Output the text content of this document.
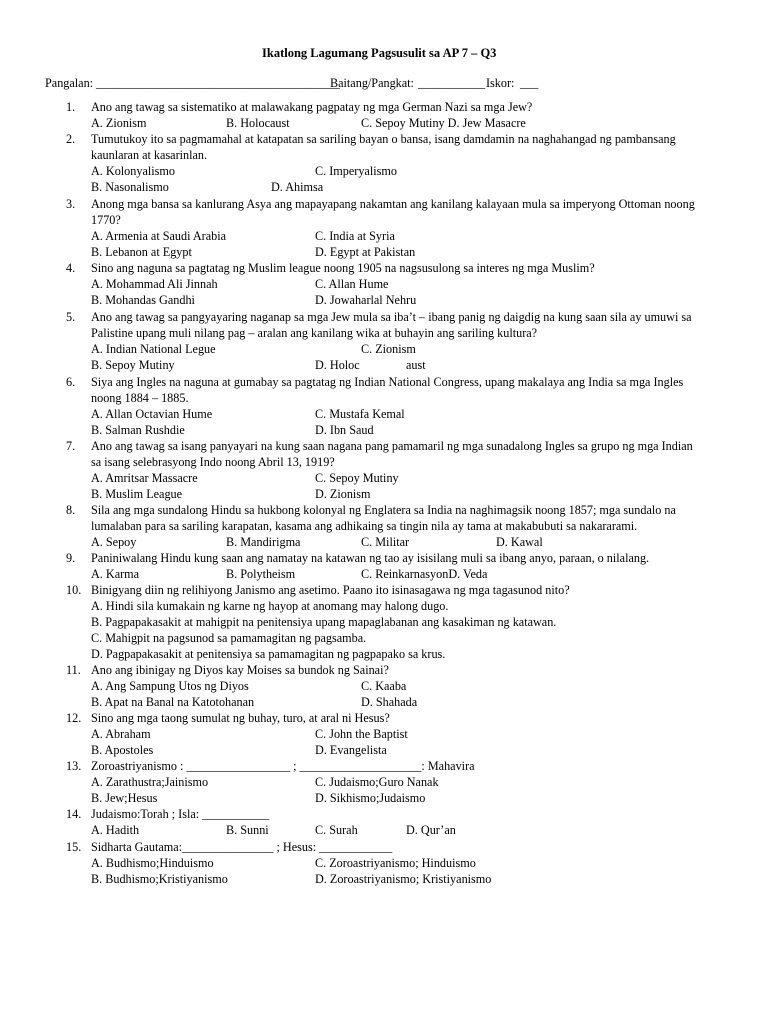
Ikatlong Lagumang Pagsusulit sa AP 7 – Q3
Pangalan: ________________________________________
Baitang/Pangkat: ___________ Iskor: ___
1. Ano ang tawag sa sistematiko at malawakang pagpatay ng mga German Nazi sa mga Jew?
A. Zionism	B. Holocaust	C. Sepoy Mutiny D. Jew Masacre
2. Tumutukoy ito sa pagmamahal at katapatan sa sariling bayan o bansa, isang damdamin na naghahangad ng pambansang
kaunlaran at kasarinlan.
A. Kolonyalismo	C. Imperyalismo
B. Nasonalismo	D. Ahimsa
3. Anong mga bansa sa kanlurang Asya ang mapayapang nakamtan ang kanilang kalayaan mula sa imperyong Ottoman noong
1770?
A. Armenia at Saudi Arabia	C. India at Syria
B. Lebanon at Egypt	D. Egypt at Pakistan
4. Sino ang naguna sa pagtatag ng Muslim league noong 1905 na nagsusulong sa interes ng mga Muslim?
A. Mohammad Ali Jinnah	C. Allan Hume
B. Mohandas Gandhi	D. Jowaharlal Nehru
5. Ano ang tawag sa pangyayaring naganap sa mga Jew mula sa iba’t – ibang panig ng daigdig na kung saan sila ay umuwi sa
Palistine upang muli nilang pag – aralan ang kanilang wika at buhayin ang sariling kultura?
A. Indian National Legue	C. Zionism
B. Sepoy Mutiny	D. Holoc	aust
6. Siya ang Ingles na naguna at gumabay sa pagtatag ng Indian National Congress, upang makalaya ang India sa mga Ingles
noong 1884 – 1885.
A. Allan Octavian Hume	C. Mustafa Kemal
B. Salman Rushdie	D. Ibn Saud
7. Ano ang tawag sa isang panyayari na kung saan nagana pang pamamaril ng mga sunadalong Ingles sa grupo ng mga Indian
sa isang selebrasyong Indo noong Abril 13, 1919?
A. Amritsar Massacre	C. Sepoy Mutiny
B. Muslim League	D. Zionism
8. Sila ang mga sundalong Hindu sa hukbong kolonyal ng Englatera sa India na naghimagsik noong 1857; mga sundalo na
lumalaban para sa sariling karapatan, kasama ang adhikaing sa tingin nila ay tama at makabubuti sa nakararami.
A. Sepoy	B. Mandirigma	C. Militar	D. Kawal
9. Paniniwalang Hindu kung saan ang namatay na katawan ng tao ay isisilang muli sa ibang anyo, paraan, o nilalang.
A. Karma	B. Polytheism	C. ReinkarnasyonD. Veda
10. Binigyang diin ng relihiyong Janismo ang asetimo. Paano ito isinasagawa ng mga tagasunod nito?
A. Hindi sila kumakain ng karne ng hayop at anomang may halong dugo.
B. Pagpapakasakit at mahigpit na penitensiya upang mapaglabanan ang kasakiman ng katawan.
C. Mahigpit na pagsunod sa pamamagitan ng pagsamba.
D. Pagpapakasakit at penitensiya sa pamamagitan ng pagpapako sa krus.
11. Ano ang ibinigay ng Diyos kay Moises sa bundok ng Sainai?
A. Ang Sampung Utos ng Diyos	C. Kaaba
B. Apat na Banal na Katotohanan	D. Shahada
12. Sino ang mga taong sumulat ng buhay, turo, at aral ni Hesus?
A. Abraham	C. John the Baptist
B. Apostoles	D. Evangelista
13. Zoroastriyanismo : _________________ ; ____________________: Mahavira
A. Zarathustra;Jainismo	C. Judaismo;Guro Nanak
B. Jew;Hesus	D. Sikhismo;Judaismo
14. Judaismo:Torah ; Isla: ___________
A. Hadith	B. Sunni	C. Surah	D. Qur’an
15. Sidharta Gautama:_______________ ; Hesus: ____________
A. Budhismo;Hinduismo	C. Zoroastriyanismo; Hinduismo
B. Budhismo;Kristiyanismo	D. Zoroastriyanismo; Kristiyanismo
